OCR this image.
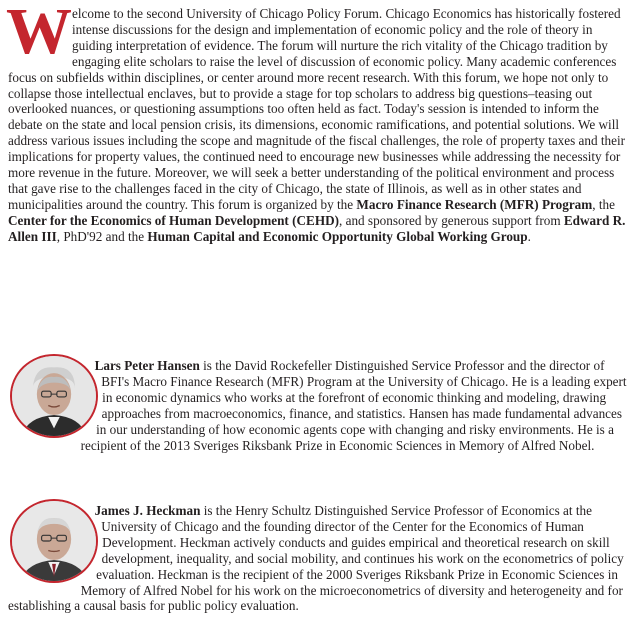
Welcome to the second University of Chicago Policy Forum. Chicago Economics has historically fostered intense discussions for the design and implementation of economic policy and the role of theory in guiding interpretation of evidence. The forum will nurture the rich vitality of the Chicago tradition by engaging elite scholars to raise the level of discussion of economic policy. Many academic conferences focus on subfields within disciplines, or center around more recent research. With this forum, we hope not only to collapse those intellectual enclaves, but to provide a stage for top scholars to address big questions–teasing out overlooked nuances, or questioning assumptions too often held as fact. Today's session is intended to inform the debate on the state and local pension crisis, its dimensions, economic ramifications, and potential solutions. We will address various issues including the scope and magnitude of the fiscal challenges, the role of property taxes and their implications for property values, the continued need to encourage new businesses while addressing the necessity for more revenue in the future. Moreover, we will seek a better understanding of the political environment and process that gave rise to the challenges faced in the city of Chicago, the state of Illinois, as well as in other states and municipalities around the country. This forum is organized by the Macro Finance Research (MFR) Program, the Center for the Economics of Human Development (CEHD), and sponsored by generous support from Edward R. Allen III, PhD'92 and the Human Capital and Economic Opportunity Global Working Group.
Lars Peter Hansen is the David Rockefeller Distinguished Service Professor and the director of BFI's Macro Finance Research (MFR) Program at the University of Chicago. He is a leading expert in economic dynamics who works at the forefront of economic thinking and modeling, drawing approaches from macroeconomics, finance, and statistics. Hansen has made fundamental advances in our understanding of how economic agents cope with changing and risky environments. He is a recipient of the 2013 Sveriges Riksbank Prize in Economic Sciences in Memory of Alfred Nobel.
James J. Heckman is the Henry Schultz Distinguished Service Professor of Economics at the University of Chicago and the founding director of the Center for the Economics of Human Development. Heckman actively conducts and guides empirical and theoretical research on skill development, inequality, and social mobility, and continues his work on the econometrics of policy evaluation. Heckman is the recipient of the 2000 Sveriges Riksbank Prize in Economic Sciences in Memory of Alfred Nobel for his work on the microeconometrics of diversity and heterogeneity and for establishing a causal basis for public policy evaluation.
